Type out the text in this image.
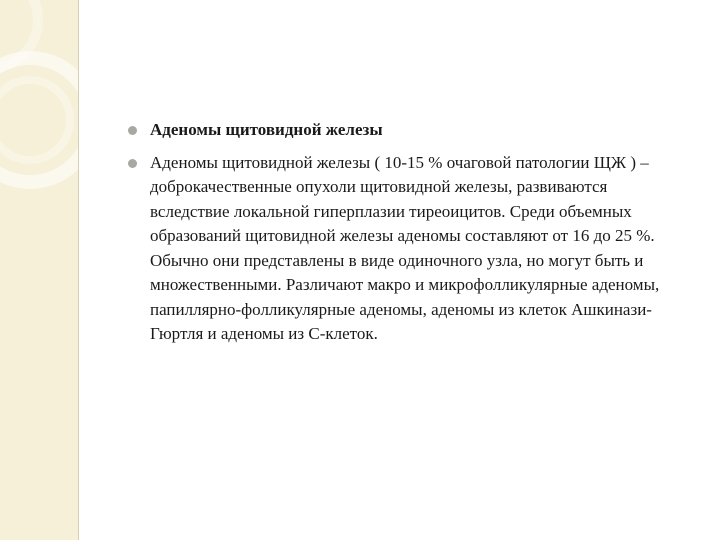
Аденомы щитовидной железы
Аденомы щитовидной железы ( 10-15 % очаговой патологии ЩЖ ) – доброкачественные опухоли щитовидной железы, развиваются вследствие локальной гиперплазии тиреоицитов. Среди объемных образований щитовидной железы аденомы составляют от 16 до 25 %. Обычно они представлены в виде одиночного узла, но могут быть и множественными. Различают макро и микрофолликулярные аденомы, папиллярно-фолликулярные аденомы, аденомы из клеток Ашкинази-Гюртля и аденомы из С-клеток.
